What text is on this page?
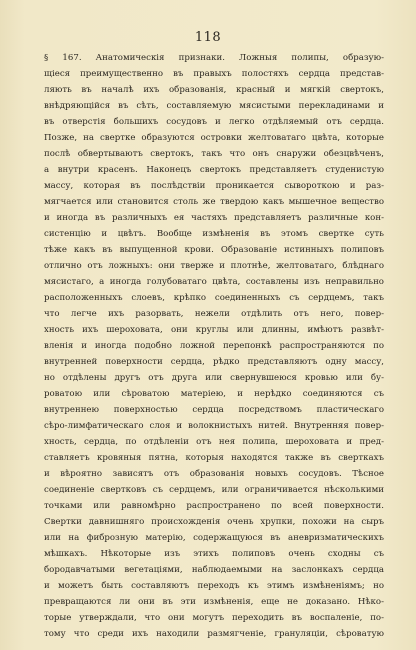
118
§ 167. Анатомическiя признаки. Ложныя полипы, образую-
щiеся преимущественно въ правыхъ полостяхъ сердца представ-
ляють въ началѣ ихъ образованiя, красный и мягкiй свертокъ,
внѣдряющiйся въ сѣть, составляемую мясистыми перекладинами и
въ отверстiя большихъ сосудовъ и легко отдѣляемый отъ сердца.
Позже, на свертке образуются островки желтоватаго цвѣта, которые
послѣ обвертываютъ свертокъ, такъ что онъ снаружи обезцвѣченъ,
а внутри красенъ. Наконецъ свертокъ представляетъ студенистую
массу, которая въ послѣдствiи проникается сывороткою и раз-
мягчается или становится столь же твердою какъ мышечное вещество
и иногда въ различныхъ ея частяхъ представляетъ различные кон-
систенцiю и цвѣтъ. Вообще измѣненiя въ этомъ свертке суть
тѣже какъ въ выпущенной крови. Образованiе истинныхъ полиповъ
отлично отъ ложныхъ: они тверже и плотнѣе, желтоватаго, блѣднаго
мясистаго, а иногда голубоватаго цвѣта, составлены изъ неправильно
расположенныхъ слоевъ, крѣпко соединенныхъ съ сердцемъ, такъ
что легче ихъ разорвать, нежели отдѣлить отъ него, повер-
хность ихъ шероховата, они круглы или длинны, имѣютъ развѣт-
вленiя и иногда подобно ложной перепонкѣ распространяются по
внутренней поверхности сердца, рѣдко представляютъ одну массу,
но отдѣлены другъ отъ друга или свернувшеюся кровью или бу-
роватою или сѣроватою матерiею, и нерѣдко соединяются съ
внутреннею поверхностью сердца посредствомъ пластическаго
сѣро-лимфатическаго слоя и волокнистыхъ нитей. Внутренняя повер-
хность, сердца, по отдѣленiи отъ нея полипа, шероховата и пред-
ставляетъ кровяныя пятна, которыя находятся также въ сверткахъ
и вѣроятно зависятъ отъ образованiя новыхъ сосудовъ. Тѣсное
соединенiе свертковъ съ сердцемъ, или ограничивается нѣсколькими
точками или равномѣрно распространено по всей поверхности.
Свертки давнишняго происхожденiя очень хрупки, похожи на сыръ
или на фиброзную матерiю, содержащуюся въ аневризматическихъ
мѣшкахъ. Нѣкоторые изъ этихъ полиповъ очень сходны съ
бородавчатыми вегетацiями, наблюдаемыми на заслонкахъ сердца
и можетъ быть составляютъ переходъ къ этимъ измѣненiямъ; но
превращаются ли они въ эти измѣненiя, еще не доказано. Нѣко-
торые утверждали, что они могутъ переходить въ воспаленiе, по-
тому что среди ихъ находили размягченiе, грануляцiи, сѣроватую
